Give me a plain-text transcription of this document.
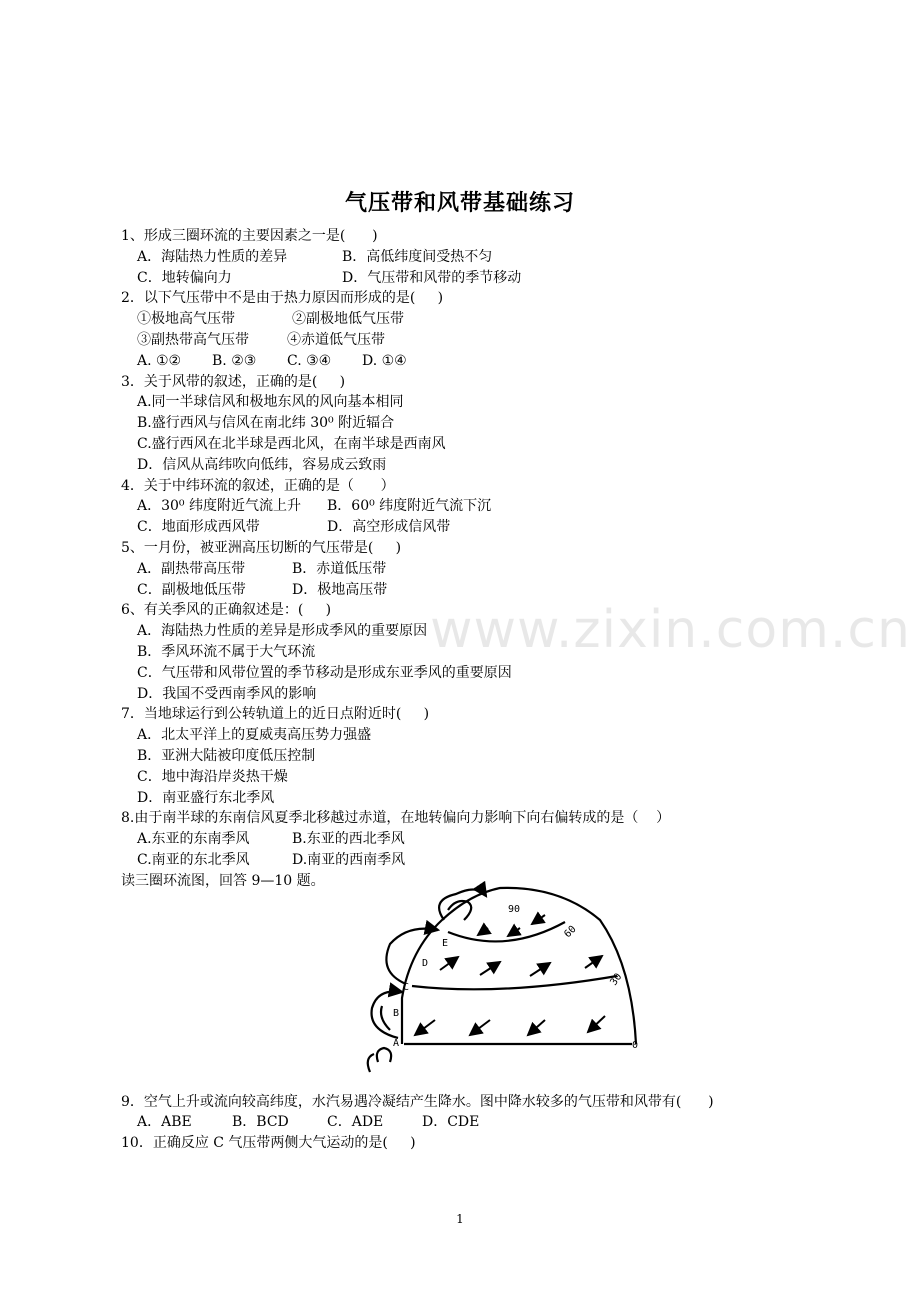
气压带和风带基础练习
www.zixin.com.cn
1、形成三圈环流的主要因素之一是(      )
A．海陆热力性质的差异	B．高低纬度间受热不匀
C．地转偏向力	D．气压带和风带的季节移动
2．以下气压带中不是由于热力原因而形成的是(     )
①极地高气压带	②副极地低气压带
③副热带高气压带	④赤道低气压带
A. ①② B. ②③ C. ③④ D. ①④
3．关于风带的叙述，正确的是(     )
A.同一半球信风和极地东风的风向基本相同
B.盛行西风与信风在南北纬 30⁰ 附近辐合
C.盛行西风在北半球是西北风，在南半球是西南风
D．信风从高纬吹向低纬，容易成云致雨
4．关于中纬环流的叙述，正确的是（      ）
A．30⁰ 纬度附近气流上升 B．60⁰ 纬度附近气流下沉
C．地面形成西风带	D．高空形成信风带
5、一月份，被亚洲高压切断的气压带是(     )
A．副热带高压带	B．赤道低压带
C．副极地低压带	D．极地高压带
6、有关季风的正确叙述是：(     )
A．海陆热力性质的差异是形成季风的重要原因
B．季风环流不属于大气环流
C．气压带和风带位置的季节移动是形成东亚季风的重要原因
D．我国不受西南季风的影响
7．当地球运行到公转轨道上的近日点附近时(     )
A．北太平洋上的夏威夷高压势力强盛
B．亚洲大陆被印度低压控制
C．地中海沿岸炎热干燥
D．南亚盛行东北季风
8.由于南半球的东南信风夏季北移越过赤道，在地转偏向力影响下向右偏转成的是（    ）
A.东亚的东南季风	B.东亚的西北季风
C.南亚的东北季风	D.南亚的西南季风
读三圈环流图，回答 9—10 题。
9．空气上升或流向较高纬度，水汽易遇冷凝结产生降水。图中降水较多的气压带和风带有(      )
A．ABE	B．BCD	C．ADE	D．CDE
10．正确反应 C 气压带两侧大气运动的是(     )
A
B
C
D
E
0
30
60
90
1
